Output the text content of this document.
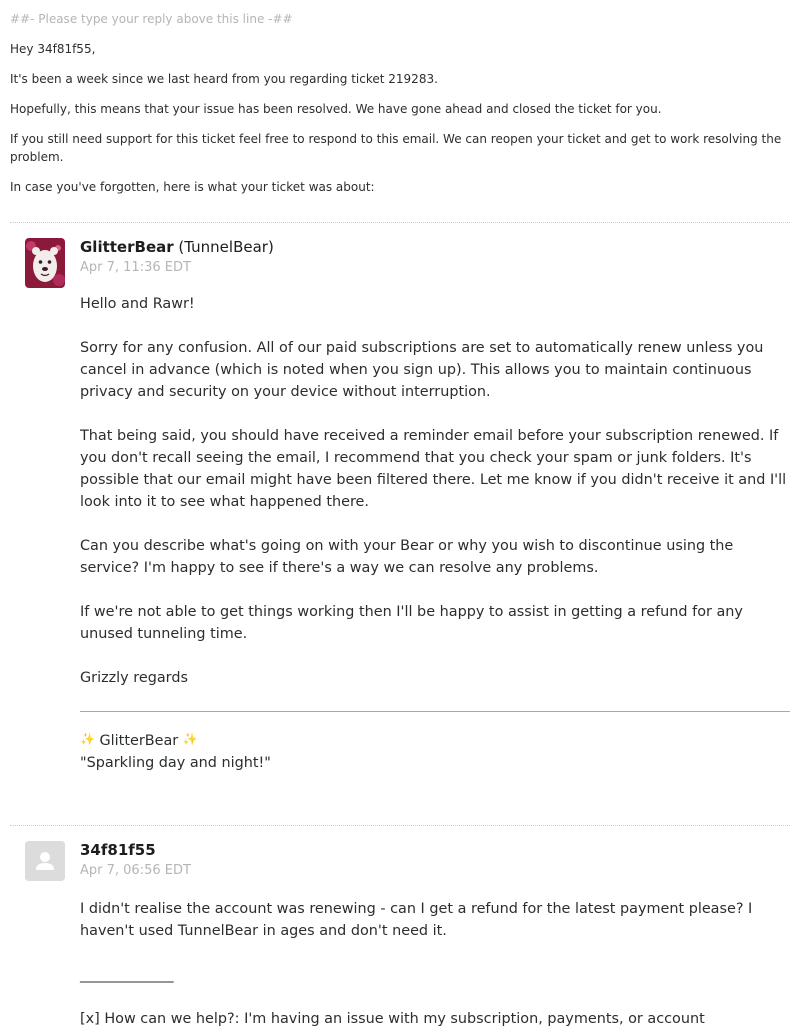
##- Please type your reply above this line -##

Hey 34f81f55,

It's been a week since we last heard from you regarding ticket 219283.

Hopefully, this means that your issue has been resolved. We have gone ahead and closed the ticket for you.

If you still need support for this ticket feel free to respond to this email. We can reopen your ticket and get to work resolving the problem.

In case you've forgotten, here is what your ticket was about:

GlitterBear (TunnelBear)
Apr 7, 11:36 EDT

Hello and Rawr!

Sorry for any confusion. All of our paid subscriptions are set to automatically renew unless you cancel in advance (which is noted when you sign up). This allows you to maintain continuous privacy and security on your device without interruption.

That being said, you should have received a reminder email before your subscription renewed. If you don't recall seeing the email, I recommend that you check your spam or junk folders. It's possible that our email might have been filtered there. Let me know if you didn't receive it and I'll look into it to see what happened there.

Can you describe what's going on with your Bear or why you wish to discontinue using the service? I'm happy to see if there's a way we can resolve any problems.

If we're not able to get things working then I'll be happy to assist in getting a refund for any unused tunneling time.

Grizzly regards

✨ GlitterBear ✨
"Sparkling day and night!"
34f81f55
Apr 7, 06:56 EDT

I didn't realise the account was renewing - can I get a refund for the latest payment please? I haven't used TunnelBear in ages and don't need it.

_____________

[x] How can we help?: I'm having an issue with my subscription, payments, or account
